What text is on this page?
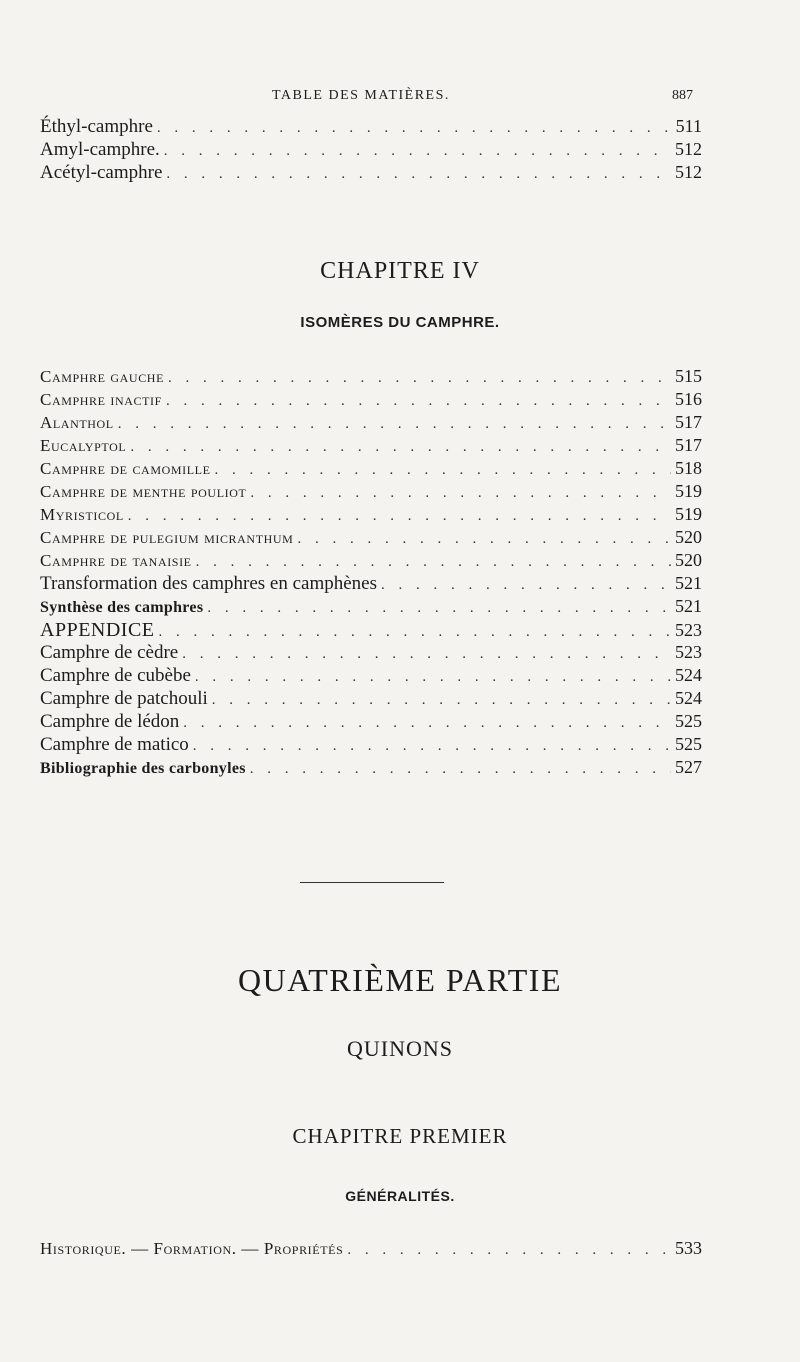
TABLE DES MATIÈRES.	887
Éthyl-camphre . . .	511
Amyl-camphre. . . .	512
Acétyl-camphre . . .	512
CHAPITRE IV
ISOMÈRES DU CAMPHRE.
Camphre gauche . . .	515
Camphre inactif . . .	516
Alanthol . . .	517
Eucalyptol . . .	517
Camphre de camomille . . .	518
Camphre de menthe pouliot . . .	519
Myristicol . . .	519
Camphre de pulegium micranthum . . .	520
Camphre de tanaisie . . .	520
Transformation des camphres en camphènes . . .	521
Synthèse des camphres . . .	521
APPENDICE . . .	523
Camphre de cèdre . . .	523
Camphre de cubèbe . . .	524
Camphre de patchouli . . .	524
Camphre de lédon . . .	525
Camphre de matico . . .	525
Bibliographie des carbonyles . . .	527
QUATRIÈME PARTIE
QUINONS
CHAPITRE PREMIER
GÉNÉRALITÉS.
Historique. — Formation. — Propriétés . . .	533
